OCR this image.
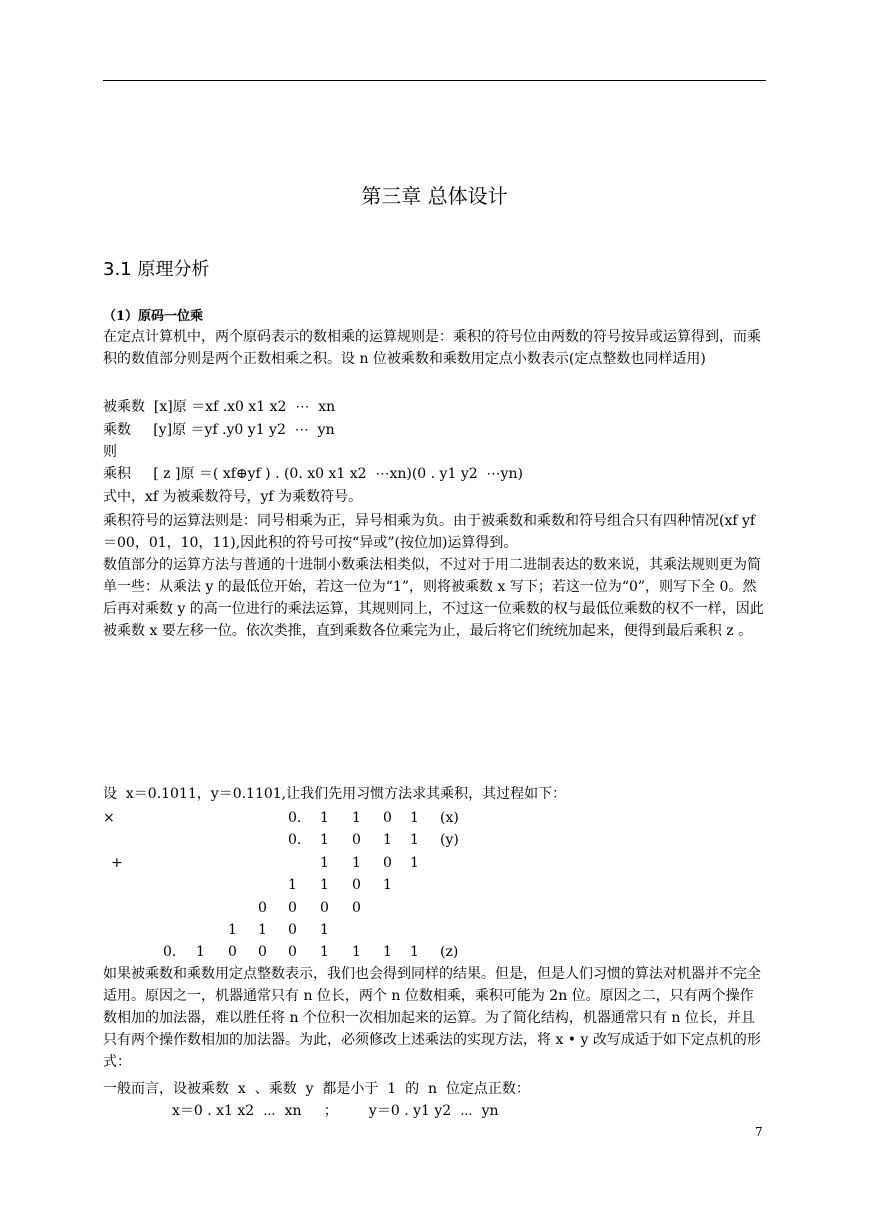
第三章 总体设计
3.1 原理分析
（1）原码一位乘
在定点计算机中，两个原码表示的数相乘的运算规则是：乘积的符号位由两数的符号按异或运算得到，而乘积的数值部分则是两个正数相乘之积。设 n 位被乘数和乘数用定点小数表示(定点整数也同样适用)
被乘数  [x]原 ＝xf .x0 x1 x2  ⋯  xn
乘数     [y]原 ＝yf .y0 y1 y2  ⋯  yn
则
乘积     [ z ]原 ＝( xf⊕yf ) . (0. x0 x1 x2  ⋯xn)(0 . y1 y2  ⋯yn)
式中，xf 为被乘数符号，yf 为乘数符号。
乘积符号的运算法则是：同号相乘为正，异号相乘为负。由于被乘数和乘数和符号组合只有四种情况(xf yf＝00，01，10，11),因此积的符号可按“异或”(按位加)运算得到。
数值部分的运算方法与普通的十进制小数乘法相类似，不过对于用二进制表达的数来说，其乘法规则更为简单一些：从乘法 y 的最低位开始，若这一位为“1”，则将被乘数 x 写下；若这一位为“0”，则写下全 0。然后再对乘数 y 的高一位进行的乘法运算，其规则同上，不过这一位乘数的权与最低位乘数的权不一样，因此被乘数 x 要左移一位。依次类推，直到乘数各位乘完为止，最后将它们统统加起来，便得到最后乘积 z 。
设  x＝0.1011，y＝0.1101,让我们先用习惯方法求其乘积，其过程如下：
×	0. 1 1 0 1 (x)
0. 1 0 1 1 (y)
+	1 1 0 1
1 1 0 1
0 0 0 0
1 1 0 1
0. 1 0 0 0 1 1 1 1 (z)
如果被乘数和乘数用定点整数表示，我们也会得到同样的结果。但是，但是人们习惯的算法对机器并不完全适用。原因之一，机器通常只有 n 位长，两个 n 位数相乘，乘积可能为 2n 位。原因之二，只有两个操作数相加的加法器，难以胜任将 n 个位积一次相加起来的运算。为了简化结构，机器通常只有 n 位长，并且只有两个操作数相加的加法器。为此，必须修改上述乘法的实现方法，将 x • y 改写成适于如下定点机的形式：
一般而言，设被乘数  x  、乘数  y  都是小于  1  的  n  位定点正数：
x＝0 . x1 x2  ⋯  xn     ；       y＝0 . y1 y2  ⋯  yn
7
